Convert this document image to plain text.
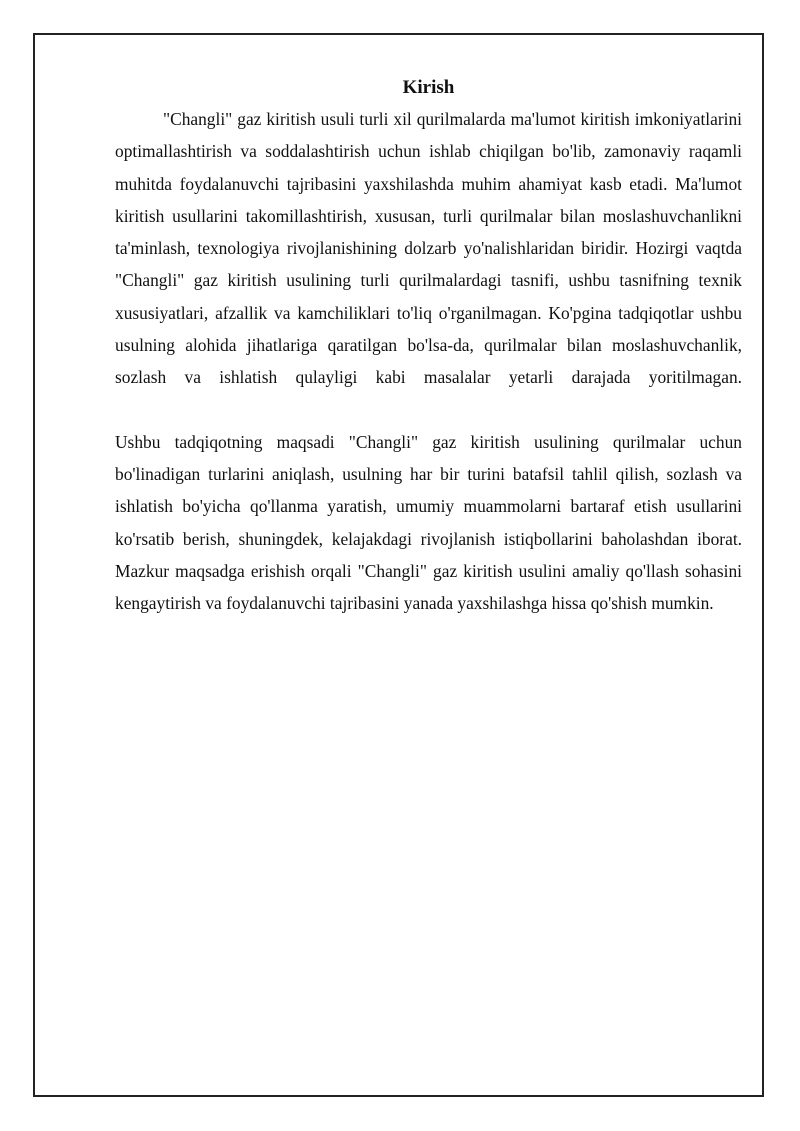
Kirish

"Changli" gaz kiritish usuli turli xil qurilmalarda ma'lumot kiritish imkoniyatlarini optimallashtirish va soddalashtirish uchun ishlab chiqilgan bo'lib, zamonaviy raqamli muhitda foydalanuvchi tajribasini yaxshilashda muhim ahamiyat kasb etadi. Ma'lumot kiritish usullarini takomillashtirish, xususan, turli qurilmalar bilan moslashuvchanlikni ta'minlash, texnologiya rivojlanishining dolzarb yo'nalishlaridan biridir. Hozirgi vaqtda "Changli" gaz kiritish usulining turli qurilmalardagi tasnifi, ushbu tasnifning texnik xususiyatlari, afzallik va kamchiliklari to'liq o'rganilmagan. Ko'pgina tadqiqotlar ushbu usulning alohida jihatlariga qaratilgan bo'lsa-da, qurilmalar bilan moslashuvchanlik, sozlash va ishlatish qulayligi kabi masalalar yetarli darajada yoritilmagan.

Ushbu tadqiqotning maqsadi "Changli" gaz kiritish usulining qurilmalar uchun bo'linadigan turlarini aniqlash, usulning har bir turini batafsil tahlil qilish, sozlash va ishlatish bo'yicha qo'llanma yaratish, umumiy muammolarni bartaraf etish usullarini ko'rsatib berish, shuningdek, kelajakdagi rivojlanish istiqbollarini baholashdan iborat. Mazkur maqsadga erishish orqali "Changli" gaz kiritish usulini amaliy qo'llash sohasini kengaytirish va foydalanuvchi tajribasini yanada yaxshilashga hissa qo'shish mumkin.
